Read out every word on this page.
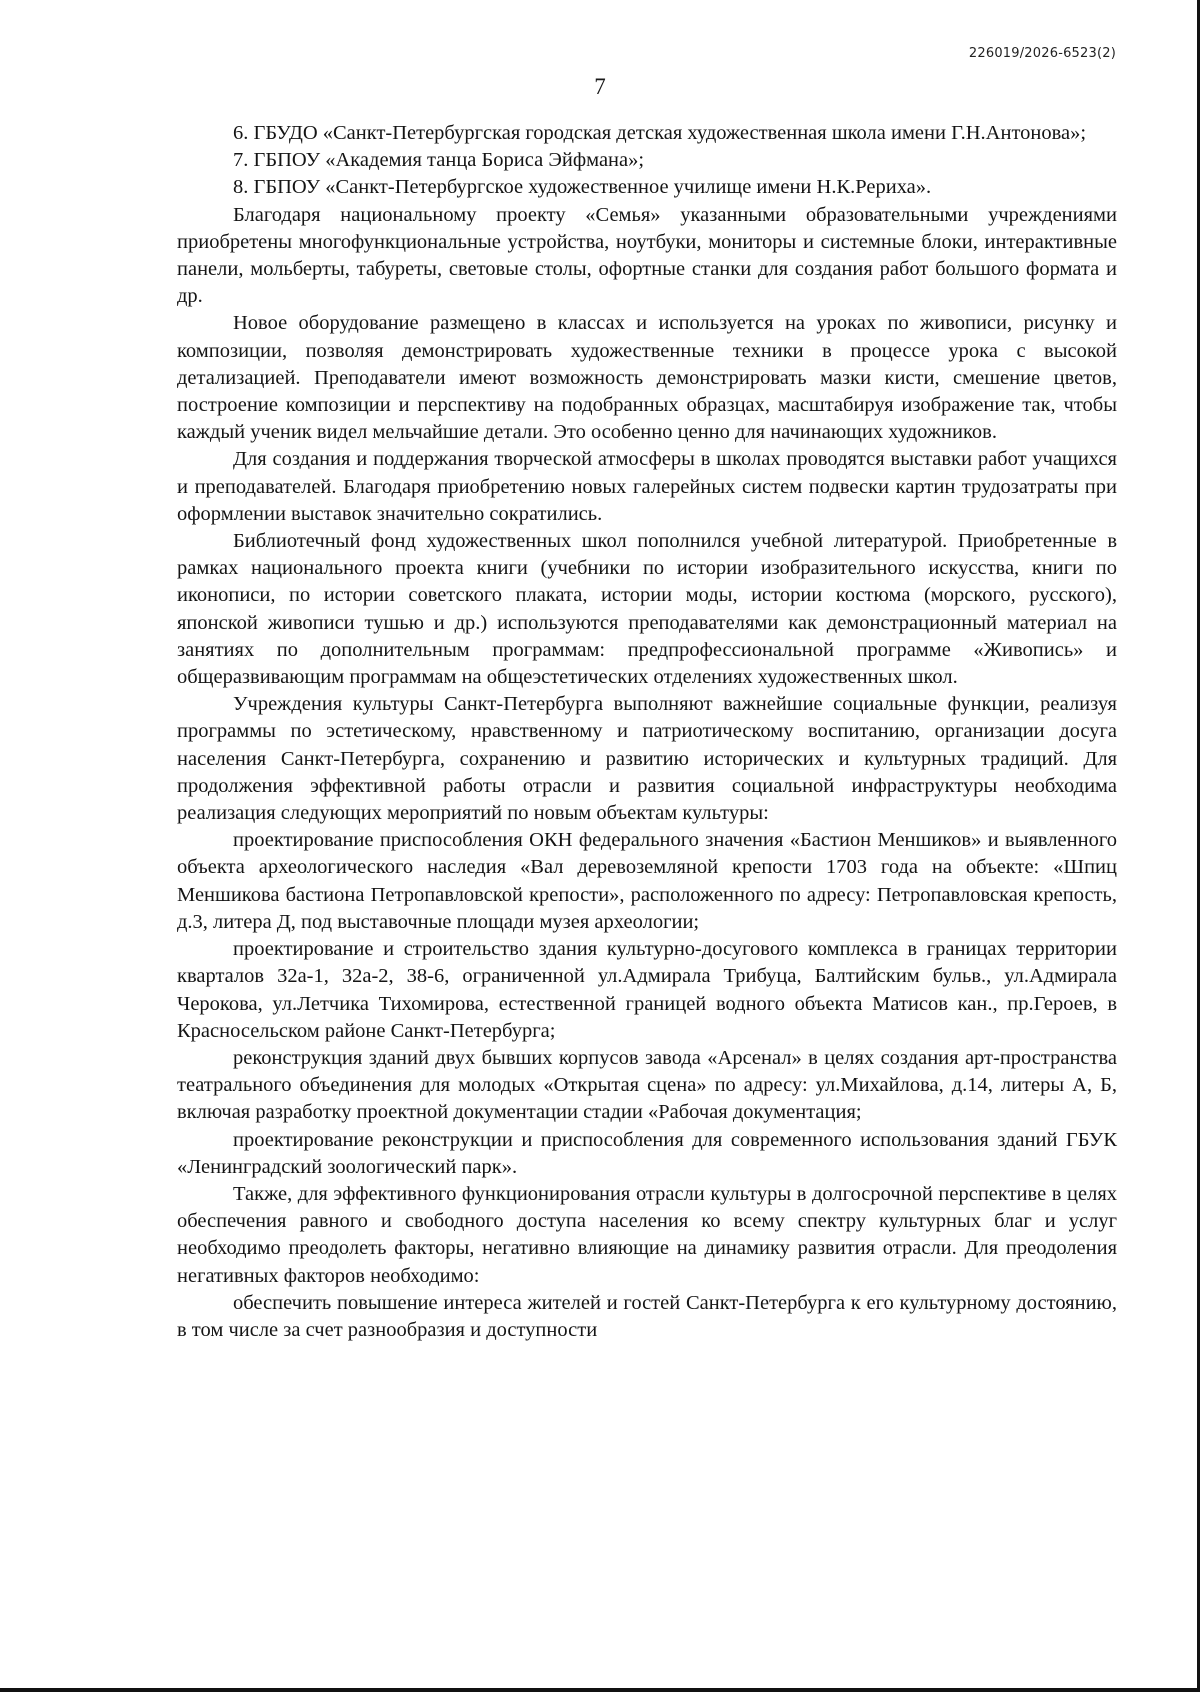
226019/2026-6523(2)
7

6. ГБУДО «Санкт-Петербургская городская детская художественная школа имени Г.Н.Антонова»;

7. ГБПОУ «Академия танца Бориса Эйфмана»;

8. ГБПОУ «Санкт-Петербургское художественное училище имени Н.К.Рериха».

Благодаря национальному проекту «Семья» указанными образовательными учреждениями приобретены многофункциональные устройства, ноутбуки, мониторы и системные блоки, интерактивные панели, мольберты, табуреты, световые столы, офортные станки для создания работ большого формата и др.

Новое оборудование размещено в классах и используется на уроках по живописи, рисунку и композиции, позволяя демонстрировать художественные техники в процессе урока с высокой детализацией. Преподаватели имеют возможность демонстрировать мазки кисти, смешение цветов, построение композиции и перспективу на подобранных образцах, масштабируя изображение так, чтобы каждый ученик видел мельчайшие детали. Это особенно ценно для начинающих художников.

Для создания и поддержания творческой атмосферы в школах проводятся выставки работ учащихся и преподавателей. Благодаря приобретению новых галерейных систем подвески картин трудозатраты при оформлении выставок значительно сократились.

Библиотечный фонд художественных школ пополнился учебной литературой. Приобретенные в рамках национального проекта книги (учебники по истории изобразительного искусства, книги по иконописи, по истории советского плаката, истории моды, истории костюма (морского, русского), японской живописи тушью и др.) используются преподавателями как демонстрационный материал на занятиях по дополнительным программам: предпрофессиональной программе «Живопись» и общеразвивающим программам на общеэстетических отделениях художественных школ.

Учреждения культуры Санкт-Петербурга выполняют важнейшие социальные функции, реализуя программы по эстетическому, нравственному и патриотическому воспитанию, организации досуга населения Санкт-Петербурга, сохранению и развитию исторических и культурных традиций. Для продолжения эффективной работы отрасли и развития социальной инфраструктуры необходима реализация следующих мероприятий по новым объектам культуры:

проектирование приспособления ОКН федерального значения «Бастион Меншиков» и выявленного объекта археологического наследия «Вал деревоземляной крепости 1703 года на объекте: «Шпиц Меншикова бастиона Петропавловской крепости», расположенного по адресу: Петропавловская крепость, д.3, литера Д, под выставочные площади музея археологии;

проектирование и строительство здания культурно-досугового комплекса в границах территории кварталов 32а-1, 32а-2, 38-6, ограниченной ул.Адмирала Трибуца, Балтийским бульв., ул.Адмирала Черокова, ул.Летчика Тихомирова, естественной границей водного объекта Матисов кан., пр.Героев, в Красносельском районе Санкт-Петербурга;

реконструкция зданий двух бывших корпусов завода «Арсенал» в целях создания арт-пространства театрального объединения для молодых «Открытая сцена» по адресу: ул.Михайлова, д.14, литеры А, Б, включая разработку проектной документации стадии «Рабочая документация;

проектирование реконструкции и приспособления для современного использования зданий ГБУК «Ленинградский зоологический парк».

Также, для эффективного функционирования отрасли культуры в долгосрочной перспективе в целях обеспечения равного и свободного доступа населения ко всему спектру культурных благ и услуг необходимо преодолеть факторы, негативно влияющие на динамику развития отрасли. Для преодоления негативных факторов необходимо:

обеспечить повышение интереса жителей и гостей Санкт-Петербурга к его культурному достоянию, в том числе за счет разнообразия и доступности
